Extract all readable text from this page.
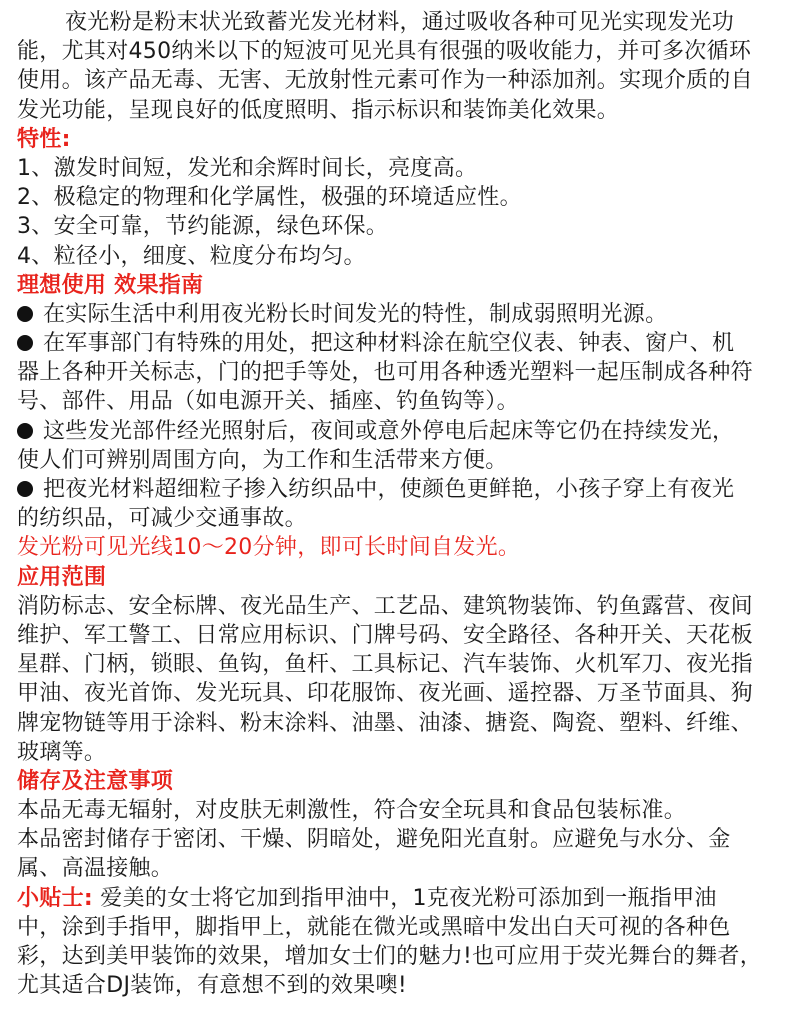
夜光粉是粉末状光致蓄光发光材料，通过吸收各种可见光实现发光功
能，尤其对450纳米以下的短波可见光具有很强的吸收能力，并可多次循环
使用。该产品无毒、无害、无放射性元素可作为一种添加剂。实现介质的自
发光功能，呈现良好的低度照明、指示标识和装饰美化效果。
特性:
1、激发时间短，发光和余辉时间长，亮度高。
2、极稳定的物理和化学属性，极强的环境适应性。
3、安全可靠，节约能源，绿色环保。
4、粒径小，细度、粒度分布均匀。
理想使用 效果指南
在实际生活中利用夜光粉长时间发光的特性，制成弱照明光源。
在军事部门有特殊的用处，把这种材料涂在航空仪表、钟表、窗户、机
器上各种开关标志，门的把手等处，也可用各种透光塑料一起压制成各种符
号、部件、用品（如电源开关、插座、钓鱼钩等）。
这些发光部件经光照射后，夜间或意外停电后起床等它仍在持续发光，
使人们可辨别周围方向，为工作和生活带来方便。
把夜光材料超细粒子掺入纺织品中，使颜色更鲜艳，小孩子穿上有夜光
的纺织品，可减少交通事故。
发光粉可见光线10～20分钟，即可长时间自发光。
应用范围
消防标志、安全标牌、夜光品生产、工艺品、建筑物装饰、钓鱼露营、夜间
维护、军工警工、日常应用标识、门牌号码、安全路径、各种开关、天花板
星群、门柄，锁眼、鱼钩，鱼杆、工具标记、汽车装饰、火机军刀、夜光指
甲油、夜光首饰、发光玩具、印花服饰、夜光画、遥控器、万圣节面具、狗
牌宠物链等用于涂料、粉末涂料、油墨、油漆、搪瓷、陶瓷、塑料、纤维、
玻璃等。
储存及注意事项
本品无毒无辐射，对皮肤无刺激性，符合安全玩具和食品包装标准。
本品密封储存于密闭、干燥、阴暗处，避免阳光直射。应避免与水分、金
属、高温接触。
小贴士: 爱美的女士将它加到指甲油中，1克夜光粉可添加到一瓶指甲油
中，涂到手指甲，脚指甲上，就能在微光或黑暗中发出白天可视的各种色
彩，达到美甲装饰的效果，增加女士们的魅力!也可应用于荧光舞台的舞者，
尤其适合DJ装饰，有意想不到的效果噢!
